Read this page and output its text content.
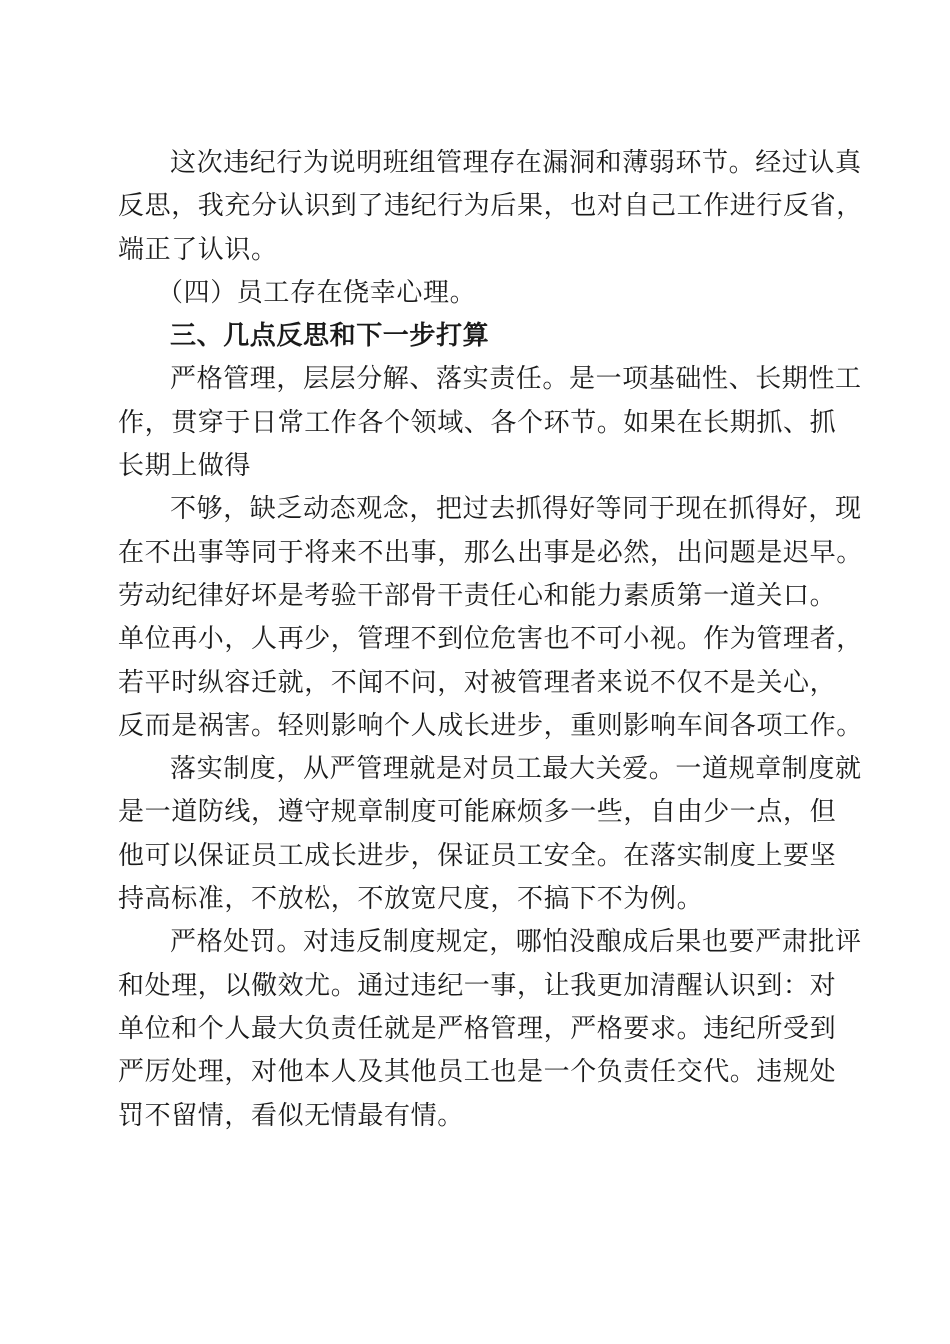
这次违纪行为说明班组管理存在漏洞和薄弱环节。经过认真
反思，我充分认识到了违纪行为后果，也对自己工作进行反省，
端正了认识。

（四）员工存在侥幸心理。

三、几点反思和下一步打算

严格管理，层层分解、落实责任。是一项基础性、长期性工
作，贯穿于日常工作各个领域、各个环节。如果在长期抓、抓
长期上做得

不够，缺乏动态观念，把过去抓得好等同于现在抓得好，现
在不出事等同于将来不出事，那么出事是必然，出问题是迟早。
劳动纪律好坏是考验干部骨干责任心和能力素质第一道关口。
单位再小，人再少，管理不到位危害也不可小视。作为管理者，
若平时纵容迁就，不闻不问，对被管理者来说不仅不是关心，
反而是祸害。轻则影响个人成长进步，重则影响车间各项工作。

落实制度，从严管理就是对员工最大关爱。一道规章制度就
是一道防线，遵守规章制度可能麻烦多一些，自由少一点，但
他可以保证员工成长进步，保证员工安全。在落实制度上要坚
持高标准，不放松，不放宽尺度，不搞下不为例。

严格处罚。对违反制度规定，哪怕没酿成后果也要严肃批评
和处理，以儆效尤。通过违纪一事，让我更加清醒认识到：对
单位和个人最大负责任就是严格管理，严格要求。违纪所受到
严厉处理，对他本人及其他员工也是一个负责任交代。违规处
罚不留情，看似无情最有情。
